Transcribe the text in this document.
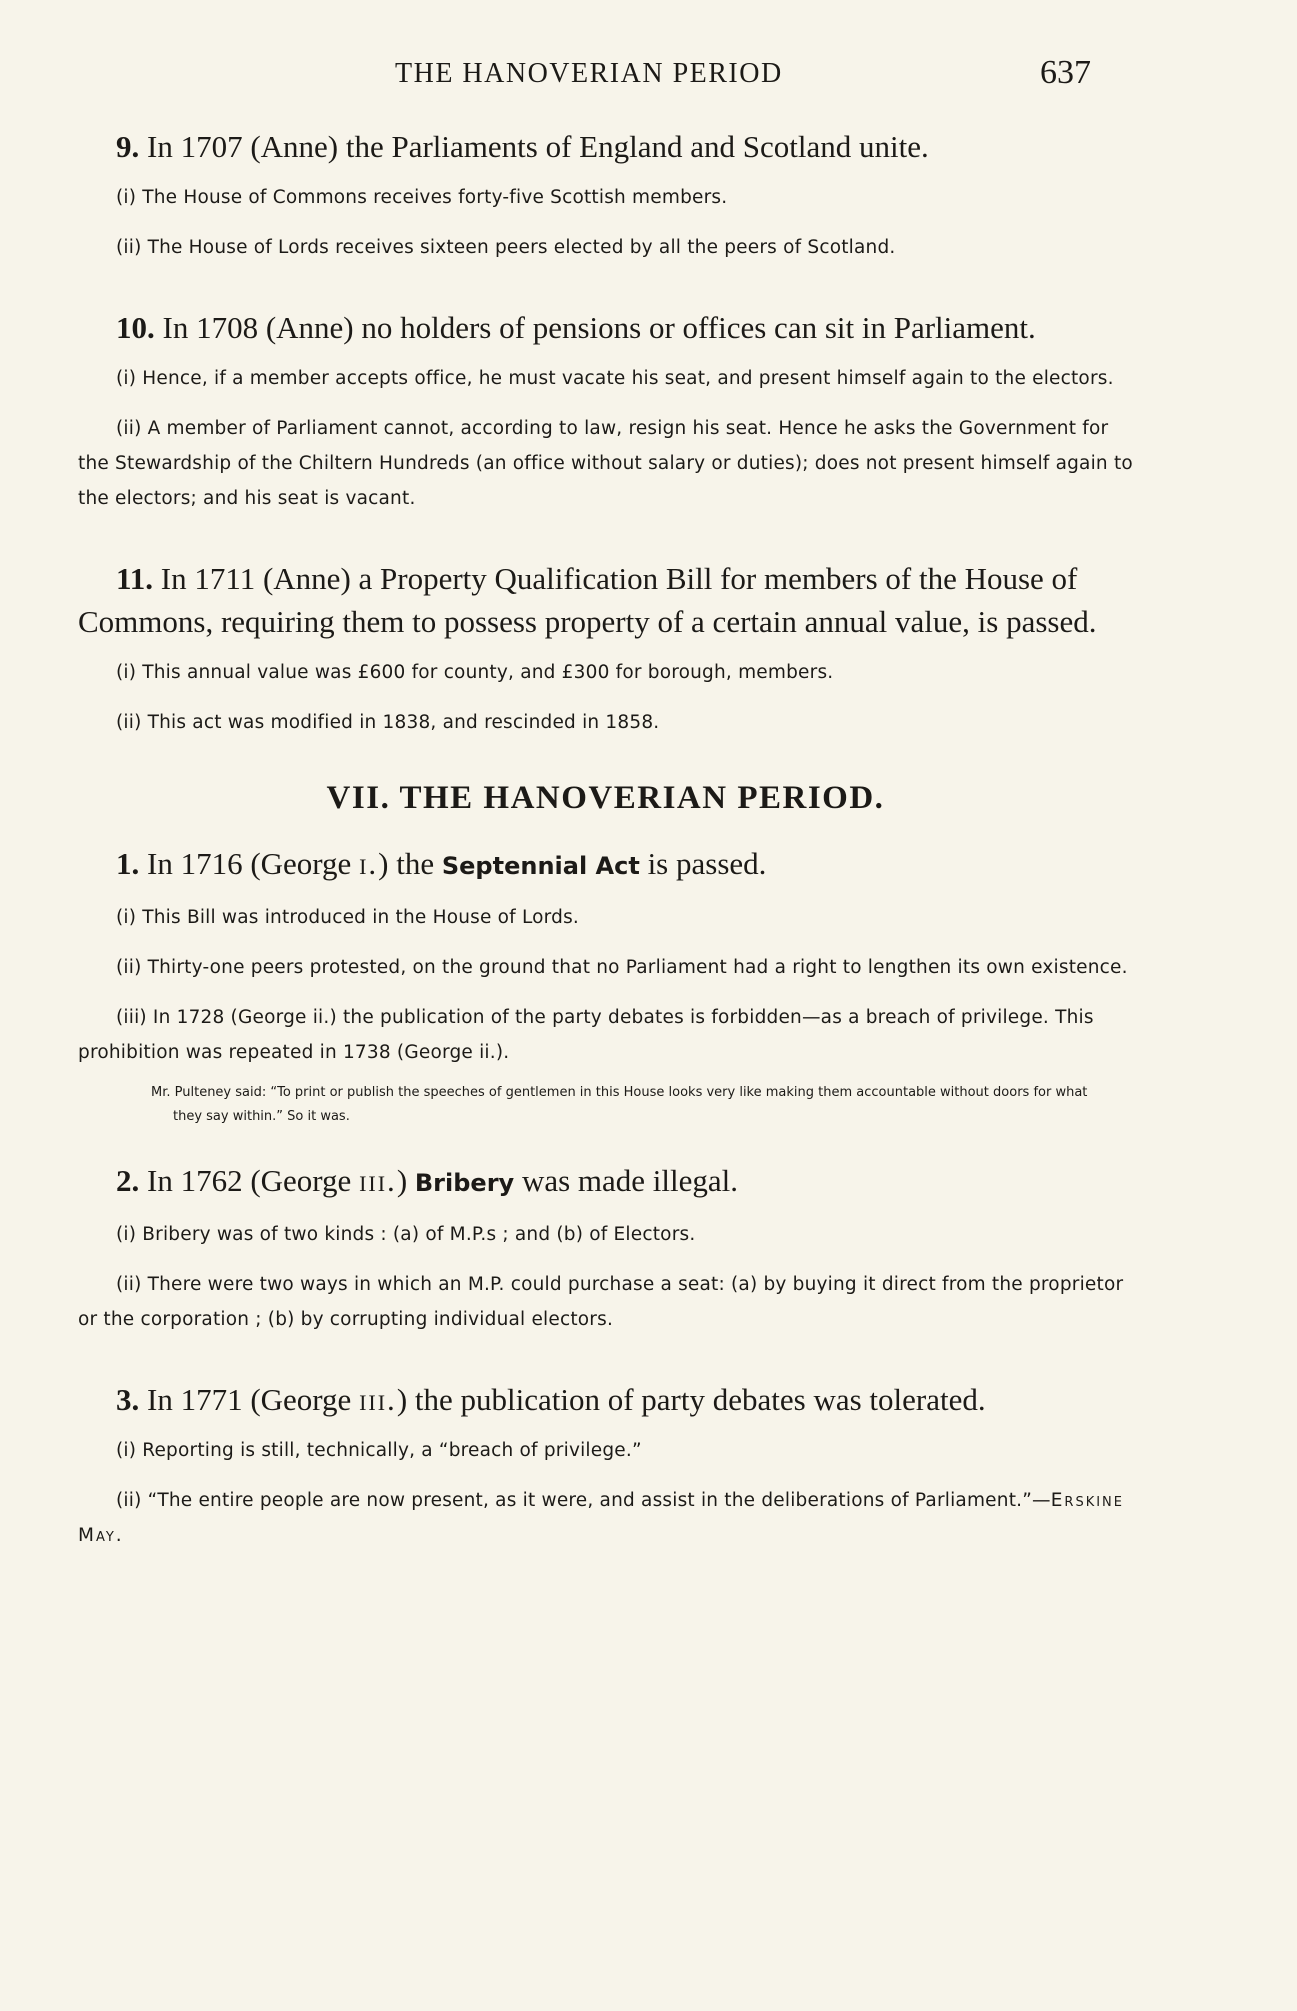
THE HANOVERIAN PERIOD	637

9. In 1707 (Anne) the Parliaments of England and Scotland unite.

(i) The House of Commons receives forty-five Scottish members.

(ii) The House of Lords receives sixteen peers elected by all the peers of Scotland.

10. In 1708 (Anne) no holders of pensions or offices can sit in Parliament.

(i) Hence, if a member accepts office, he must vacate his seat, and present himself again to the electors.

(ii) A member of Parliament cannot, according to law, resign his seat. Hence he asks the Government for the Stewardship of the Chiltern Hundreds (an office without salary or duties); does not present himself again to the electors; and his seat is vacant.

11. In 1711 (Anne) a Property Qualification Bill for members of the House of Commons, requiring them to possess property of a certain annual value, is passed.

(i) This annual value was £600 for county, and £300 for borough, members.

(ii) This act was modified in 1838, and rescinded in 1858.

VII. THE HANOVERIAN PERIOD.

1. In 1716 (George i.) the Septennial Act is passed.

(i) This Bill was introduced in the House of Lords.

(ii) Thirty-one peers protested, on the ground that no Parliament had a right to lengthen its own existence.

(iii) In 1728 (George ii.) the publication of the party debates is forbidden—as a breach of privilege. This prohibition was repeated in 1738 (George ii.).

Mr. Pulteney said: “To print or publish the speeches of gentlemen in this House looks very like making them accountable without doors for what they say within.” So it was.

2. In 1762 (George iii.) Bribery was made illegal.

(i) Bribery was of two kinds : (a) of M.P.s ; and (b) of Electors.

(ii) There were two ways in which an M.P. could purchase a seat: (a) by buying it direct from the proprietor or the corporation ; (b) by corrupting individual electors.

3. In 1771 (George iii.) the publication of party debates was tolerated.

(i) Reporting is still, technically, a “breach of privilege.”

(ii) “The entire people are now present, as it were, and assist in the deliberations of Parliament.”—Erskine May.
